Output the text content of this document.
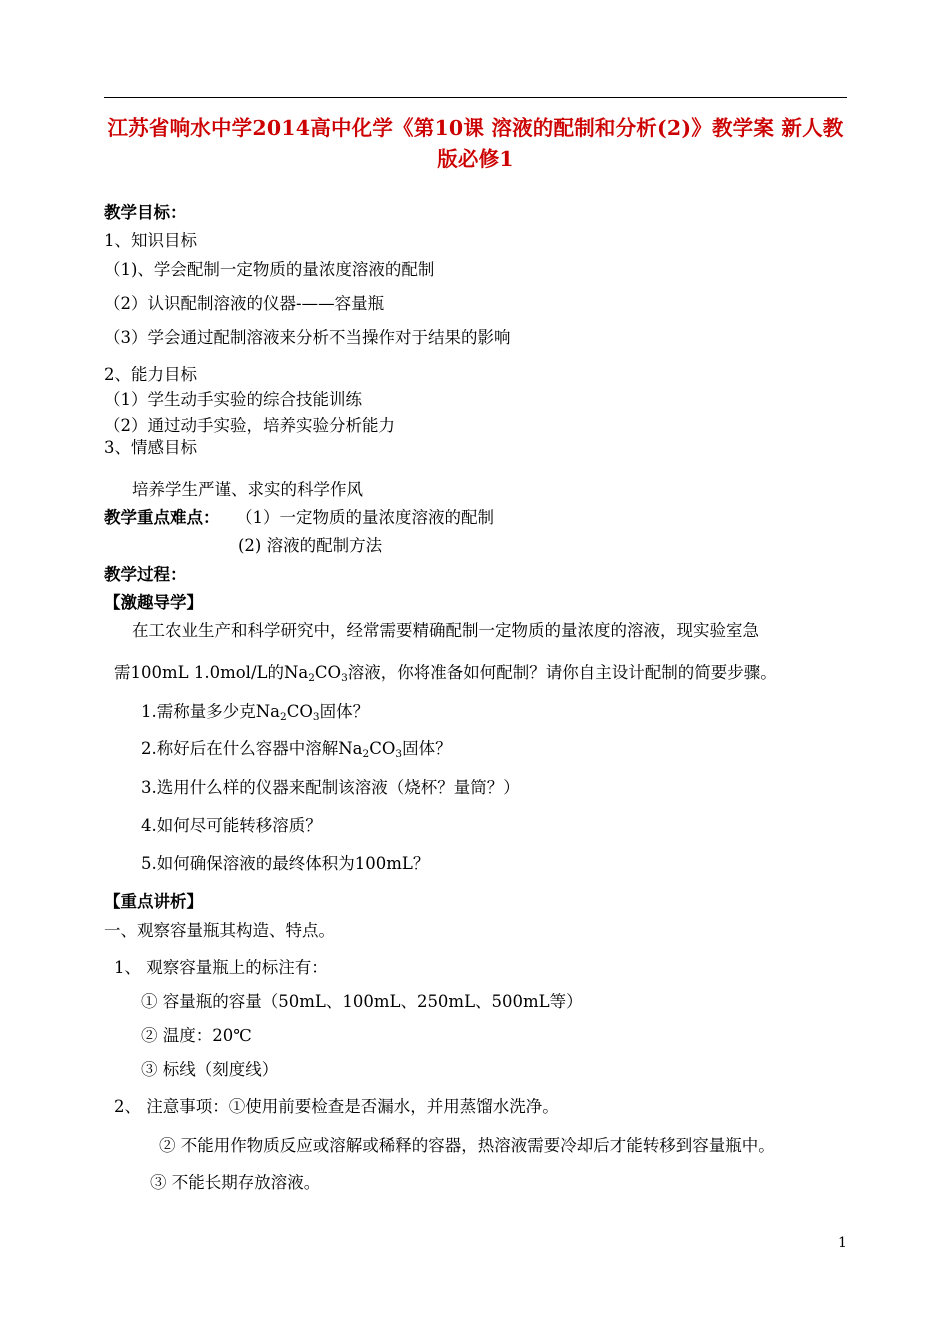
江苏省响水中学2014高中化学《第10课 溶液的配制和分析(2)》教学案 新人教版必修1
教学目标：
1、知识目标
（1)、学会配制一定物质的量浓度溶液的配制
（2）认识配制溶液的仪器-——容量瓶
（3）学会通过配制溶液来分析不当操作对于结果的影响
2、能力目标
（1）学生动手实验的综合技能训练
（2）通过动手实验，培养实验分析能力
3、情感目标
培养学生严谨、求实的科学作风
教学重点难点： （1）一定物质的量浓度溶液的配制
(2) 溶液的配制方法
教学过程：
【激趣导学】
在工农业生产和科学研究中，经常需要精确配制一定物质的量浓度的溶液，现实验室急
需100mL 1.0mol/L的Na2CO3溶液，你将准备如何配制？请你自主设计配制的简要步骤。
1.需称量多少克Na2CO3固体？
2.称好后在什么容器中溶解Na2CO3固体？
3.选用什么样的仪器来配制该溶液（烧杯？量筒？）
4.如何尽可能转移溶质？
5.如何确保溶液的最终体积为100mL？
【重点讲析】
一、观察容量瓶其构造、特点。
1、 观察容量瓶上的标注有：
① 容量瓶的容量（50mL、100mL、250mL、500mL等）
② 温度：20℃
③ 标线（刻度线）
2、 注意事项：①使用前要检查是否漏水，并用蒸馏水洗净。
② 不能用作物质反应或溶解或稀释的容器，热溶液需要冷却后才能转移到容量瓶中。
③ 不能长期存放溶液。
1
